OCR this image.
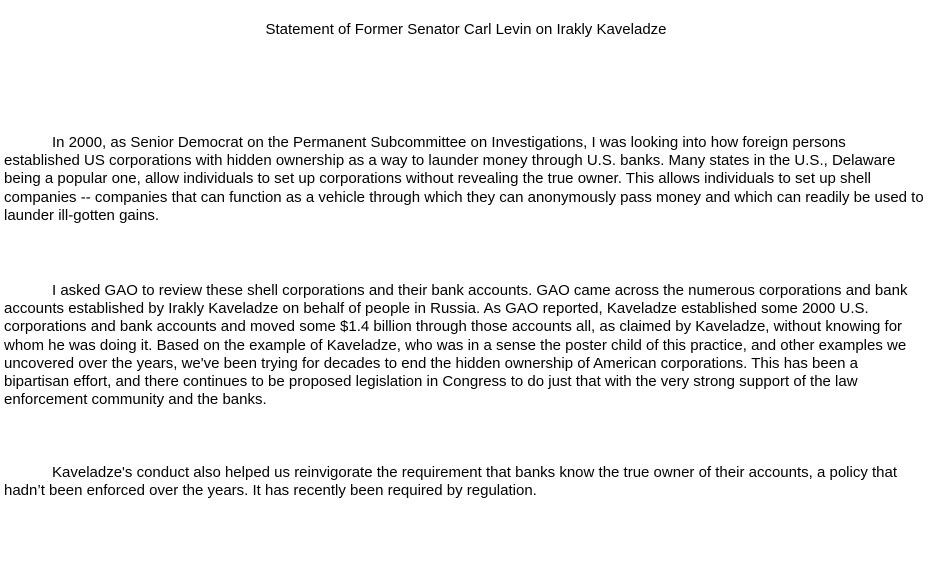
Statement of Former Senator Carl Levin on Irakly Kaveladze

In 2000, as Senior Democrat on the Permanent Subcommittee on Investigations, I was looking into how foreign persons established US corporations with hidden ownership as a way to launder money through U.S. banks. Many states in the U.S., Delaware being a popular one, allow individuals to set up corporations without revealing the true owner. This allows individuals to set up shell companies -- companies that can function as a vehicle through which they can anonymously pass money and which can readily be used to launder ill-gotten gains.

I asked GAO to review these shell corporations and their bank accounts. GAO came across the numerous corporations and bank accounts established by Irakly Kaveladze on behalf of people in Russia. As GAO reported, Kaveladze established some 2000 U.S. corporations and bank accounts and moved some $1.4 billion through those accounts all, as claimed by Kaveladze, without knowing for whom he was doing it. Based on the example of Kaveladze, who was in a sense the poster child of this practice, and other examples we uncovered over the years, we've been trying for decades to end the hidden ownership of American corporations. This has been a bipartisan effort, and there continues to be proposed legislation in Congress to do just that with the very strong support of the law enforcement community and the banks.

Kaveladze's conduct also helped us reinvigorate the requirement that banks know the true owner of their accounts, a policy that hadn’t been enforced over the years. It has recently been required by regulation.
